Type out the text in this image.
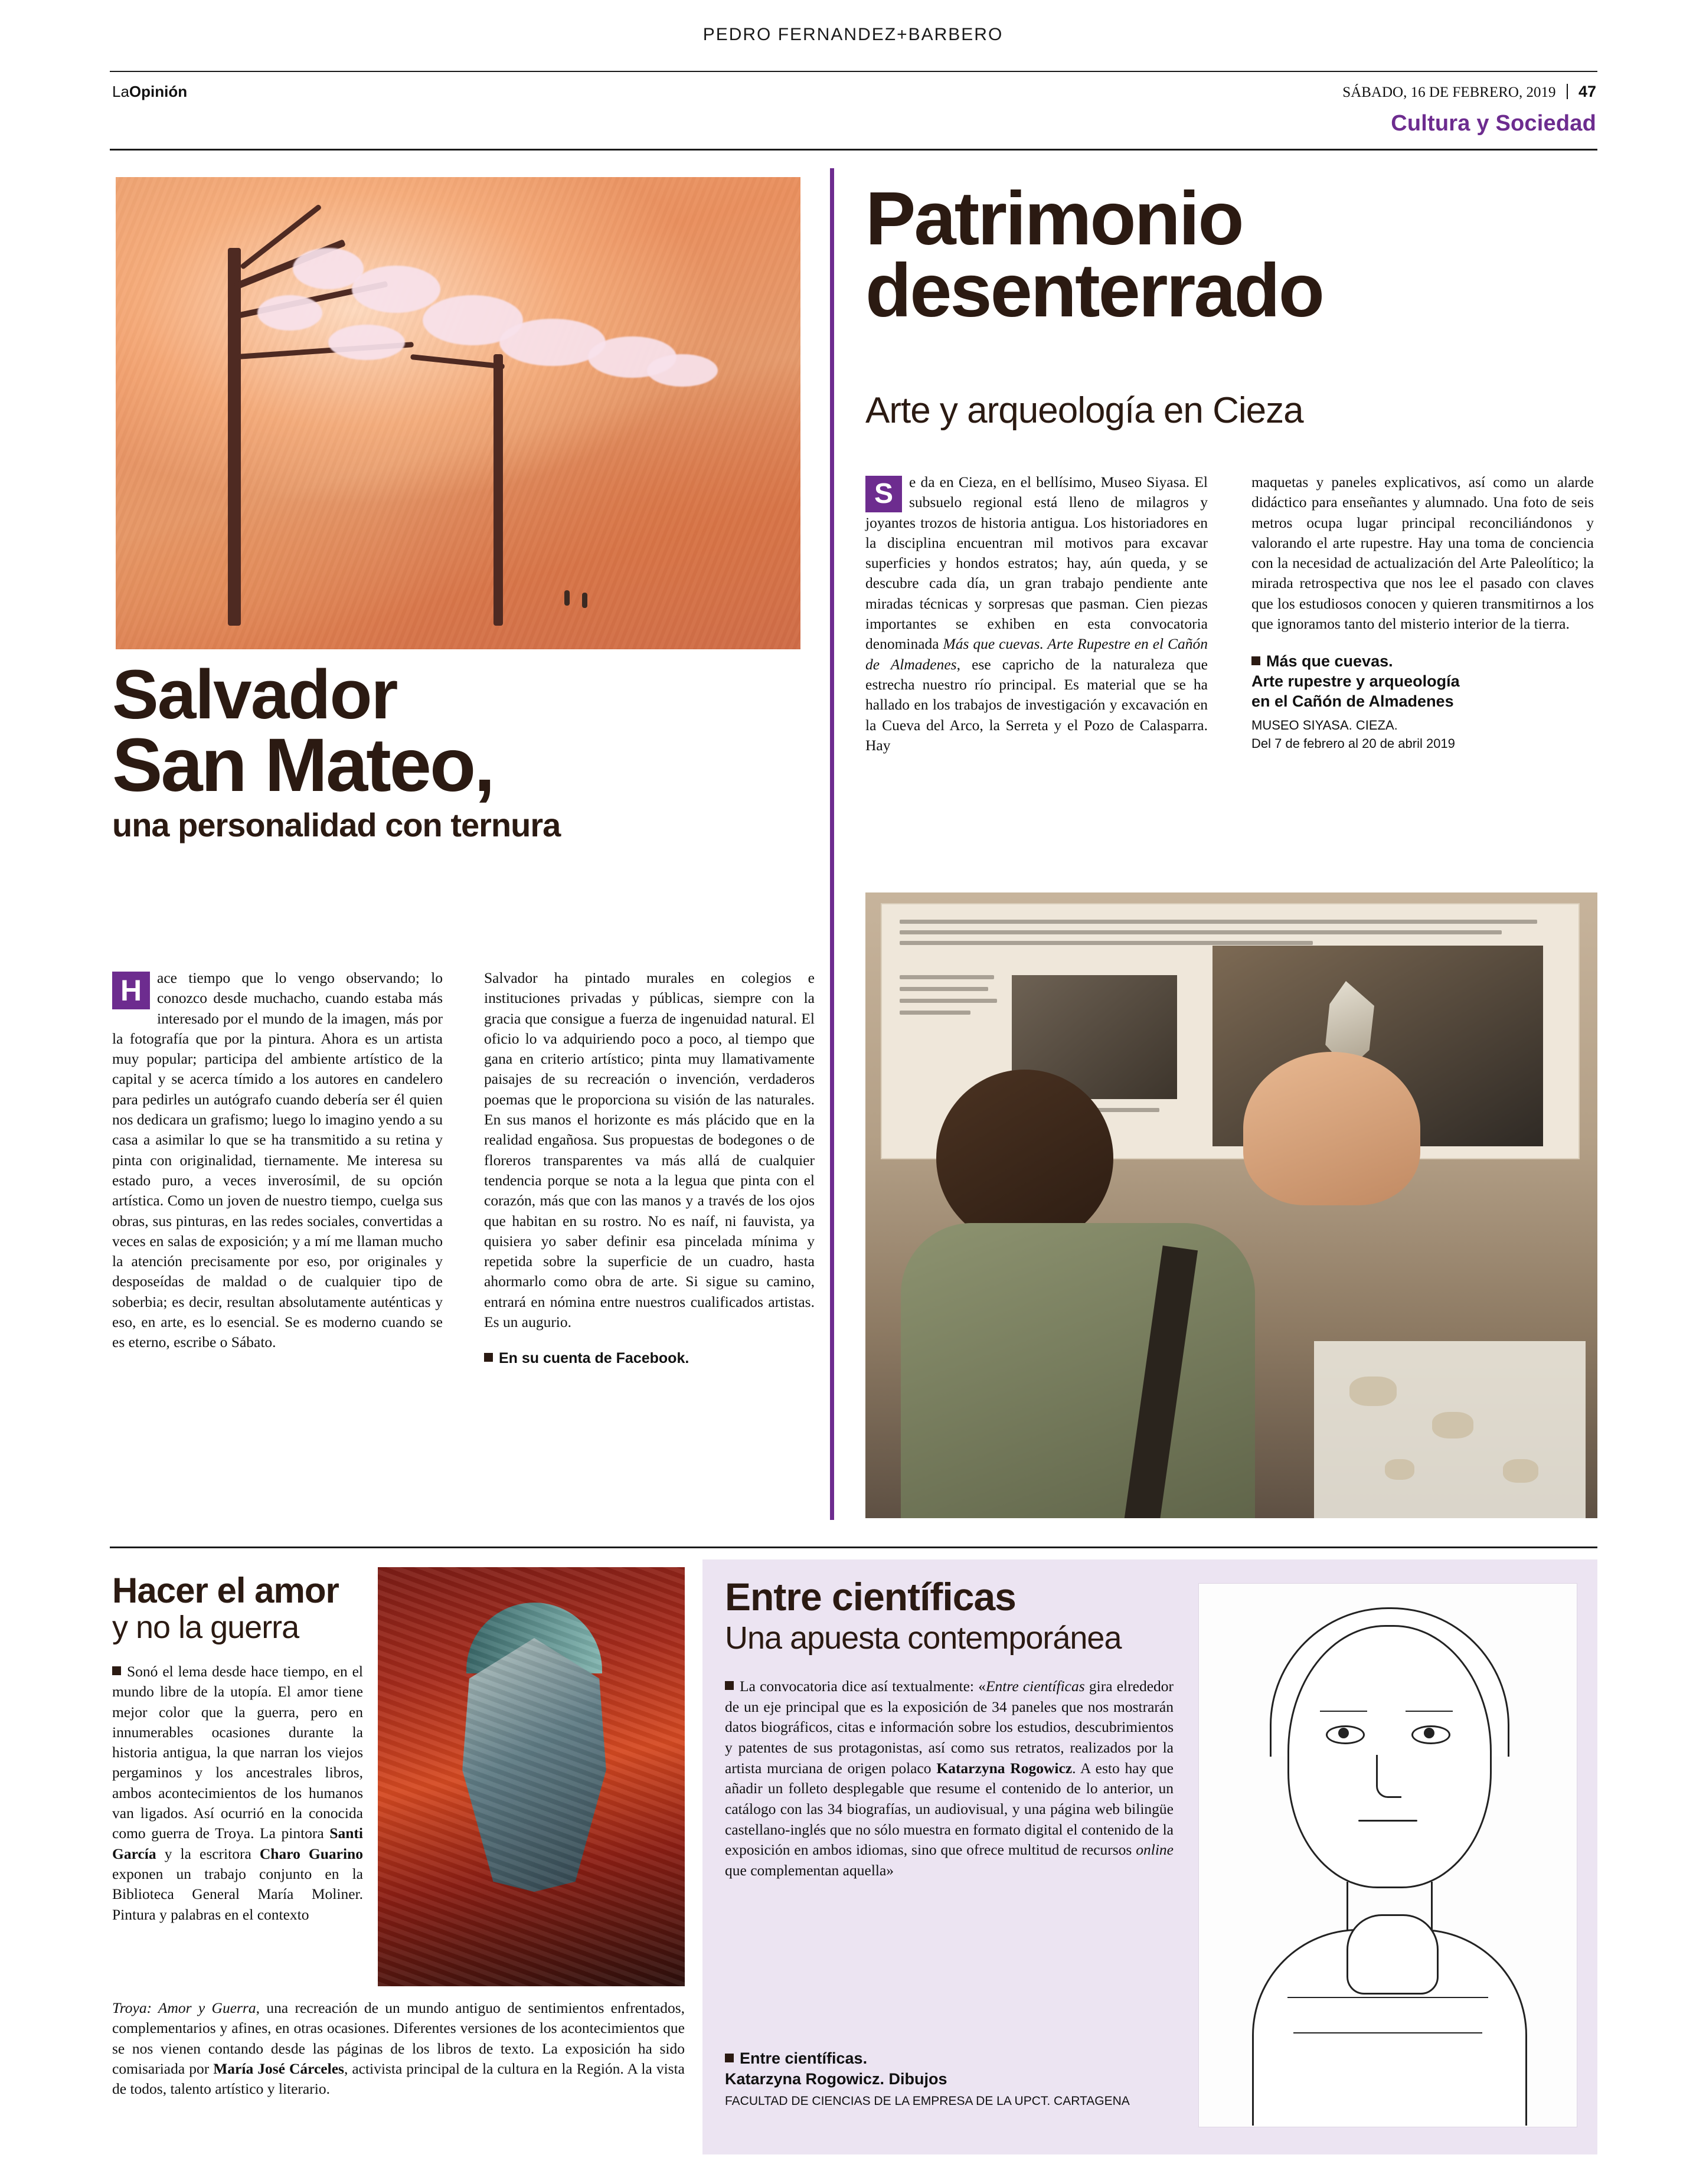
PEDRO FERNANDEZ+BARBERO
LaOpinión	SÁBADO, 16 DE FEBRERO, 2019 47
Cultura y Sociedad
Salvador
San Mateo,
una personalidad con ternura
H	ace tiempo que lo vengo observando; lo conozco desde muchacho, cuando estaba más interesado por el mundo de la imagen, más por la fotografía que por la pintura. Ahora es un artista muy popular; participa del ambiente artístico de la capital y se acerca tímido a los autores en candelero para pedirles un autógrafo cuando debería ser él quien nos dedicara un grafismo; luego lo imagino yendo a su casa a asimilar lo que se ha transmitido a su retina y pinta con originalidad, tiernamente. Me interesa su estado puro, a veces inverosímil, de su opción artística. Como un joven de nuestro tiempo, cuelga sus obras, sus pinturas, en las redes sociales, convertidas a veces en salas de exposición; y a mí me llaman mucho la atención precisamente por eso, por originales y desposeídas de maldad o de cualquier tipo de soberbia; es decir, resultan absolutamente auténticas y eso, en arte, es lo esencial. Se es moderno cuando se es eterno, escribe o Sábato.
Salvador ha pintado murales en colegios e instituciones privadas y públicas, siempre con la gracia que consigue a fuerza de ingenuidad natural. El oficio lo va adquiriendo poco a poco, al tiempo que gana en criterio artístico; pinta muy llamativamente paisajes de su recreación o invención, verdaderos poemas que le proporciona su visión de las naturales. En sus manos el horizonte es más plácido que en la realidad engañosa. Sus propuestas de bodegones o de floreros transparentes va más allá de cualquier tendencia porque se nota a la legua que pinta con el corazón, más que con las manos y a través de los ojos que habitan en su rostro. No es naíf, ni fauvista, ya quisiera yo saber definir esa pincelada mínima y repetida sobre la superficie de un cuadro, hasta ahormarlo como obra de arte. Si sigue su camino, entrará en nómina entre nuestros cualificados artistas. Es un augurio.
En su cuenta de Facebook.
Patrimonio
desenterrado
Arte y arqueología en Cieza
S	e da en Cieza, en el bellísimo, Museo Siyasa. El subsuelo regional está lleno de milagros y joyantes trozos de historia antigua. Los historiadores en la disciplina encuentran mil motivos para excavar superficies y hondos estratos; hay, aún queda, y se descubre cada día, un gran trabajo pendiente ante miradas técnicas y sorpresas que pasman. Cien piezas importantes se exhiben en esta convocatoria denominada Más que cuevas. Arte Rupestre en el Cañón de Almadenes, ese capricho de la naturaleza que estrecha nuestro río principal. Es material que se ha hallado en los trabajos de investigación y excavación en la Cueva del Arco, la Serreta y el Pozo de Calasparra. Hay
maquetas y paneles explicativos, así como un alarde didáctico para enseñantes y alumnado. Una foto de seis metros ocupa lugar principal reconciliándonos y valorando el arte rupestre. Hay una toma de conciencia con la necesidad de actualización del Arte Paleolítico; la mirada retrospectiva que nos lee el pasado con claves que los estudiosos conocen y quieren transmitirnos a los que ignoramos tanto del misterio interior de la tierra.
Más que cuevas.
Arte rupestre y arqueología
en el Cañón de Almadenes
MUSEO SIYASA. CIEZA.
Del 7 de febrero al 20 de abril 2019
Hacer el amor
y no la guerra
Sonó el lema desde hace tiempo, en el mundo libre de la utopía. El amor tiene mejor color que la guerra, pero en innumerables ocasiones durante la historia antigua, la que narran los viejos pergaminos y los ancestrales libros, ambos acontecimientos de los humanos van ligados. Así ocurrió en la conocida como guerra de Troya. La pintora Santi García y la escritora Charo Guarino exponen un trabajo conjunto en la Biblioteca General María Moliner. Pintura y palabras en el contexto
Troya: Amor y Guerra, una recreación de un mundo antiguo de sentimientos enfrentados, complementarios y afines, en otras ocasiones. Diferentes versiones de los acontecimientos que se nos vienen contando desde las páginas de los libros de texto. La exposición ha sido comisariada por María José Cárceles, activista principal de la cultura en la Región. A la vista de todos, talento artístico y literario.
Entre científicas
Una apuesta contemporánea
La convocatoria dice así textualmente: «Entre científicas gira elrededor de un eje principal que es la exposición de 34 paneles que nos mostrarán datos biográficos, citas e información sobre los estudios, descubrimientos y patentes de sus protagonistas, así como sus retratos, realizados por la artista murciana de origen polaco Katarzyna Rogowicz. A esto hay que añadir un folleto desplegable que resume el contenido de lo anterior, un catálogo con las 34 biografías, un audiovisual, y una página web bilingüe castellano-inglés que no sólo muestra en formato digital el contenido de la exposición en ambos idiomas, sino que ofrece multitud de recursos online que complementan aquella»
Entre científicas.
Katarzyna Rogowicz. Dibujos
FACULTAD DE CIENCIAS DE LA EMPRESA DE LA UPCT. CARTAGENA
